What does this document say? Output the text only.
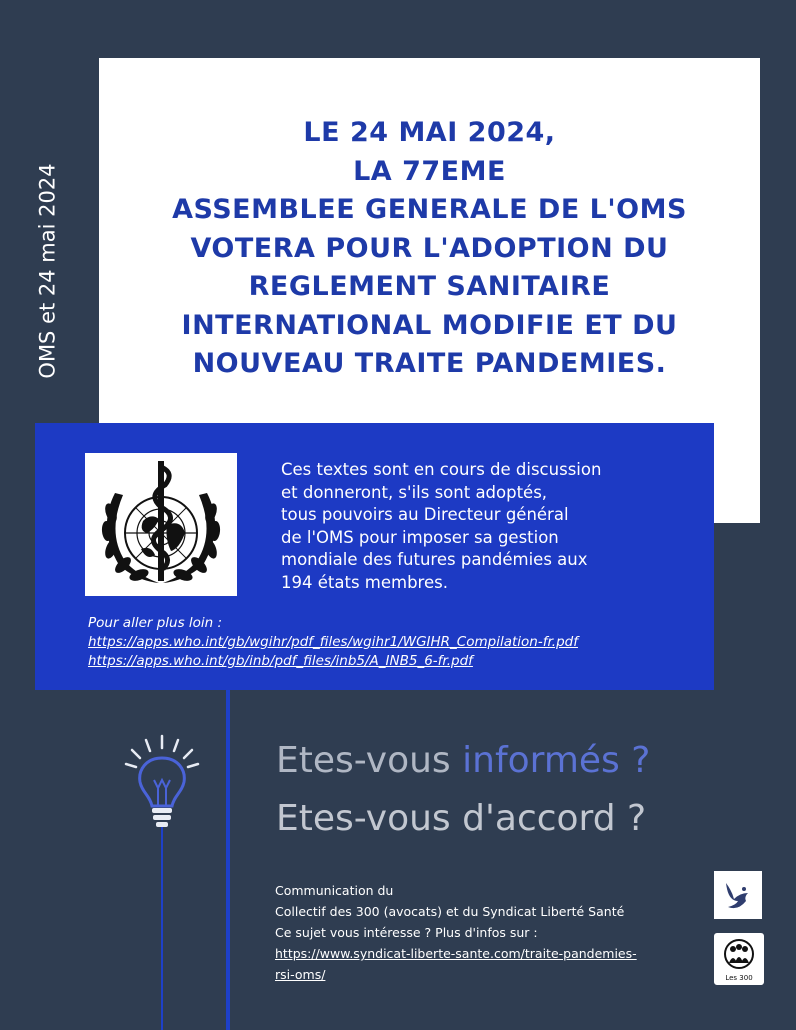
OMS et 24 mai 2024
LE 24 MAI 2024,
LA 77EME
ASSEMBLEE GENERALE DE L'OMS
VOTERA POUR L'ADOPTION DU
REGLEMENT SANITAIRE
INTERNATIONAL MODIFIE ET DU
NOUVEAU TRAITE PANDEMIES.
Ces textes sont en cours de discussion
et donneront, s'ils sont adoptés,
tous pouvoirs au Directeur général
de l'OMS pour imposer sa gestion
mondiale des futures pandémies aux
194 états membres.
Pour aller plus loin :
https://apps.who.int/gb/wgihr/pdf_files/wgihr1/WGIHR_Compilation-fr.pdf
https://apps.who.int/gb/inb/pdf_files/inb5/A_INB5_6-fr.pdf
Etes-vous informés ?
Etes-vous d'accord ?
Communication du
Collectif des 300 (avocats) et du Syndicat Liberté Santé
Ce sujet vous intéresse ? Plus d'infos sur :
https://www.syndicat-liberte-sante.com/traite-pandemies-
rsi-oms/	Les 300
